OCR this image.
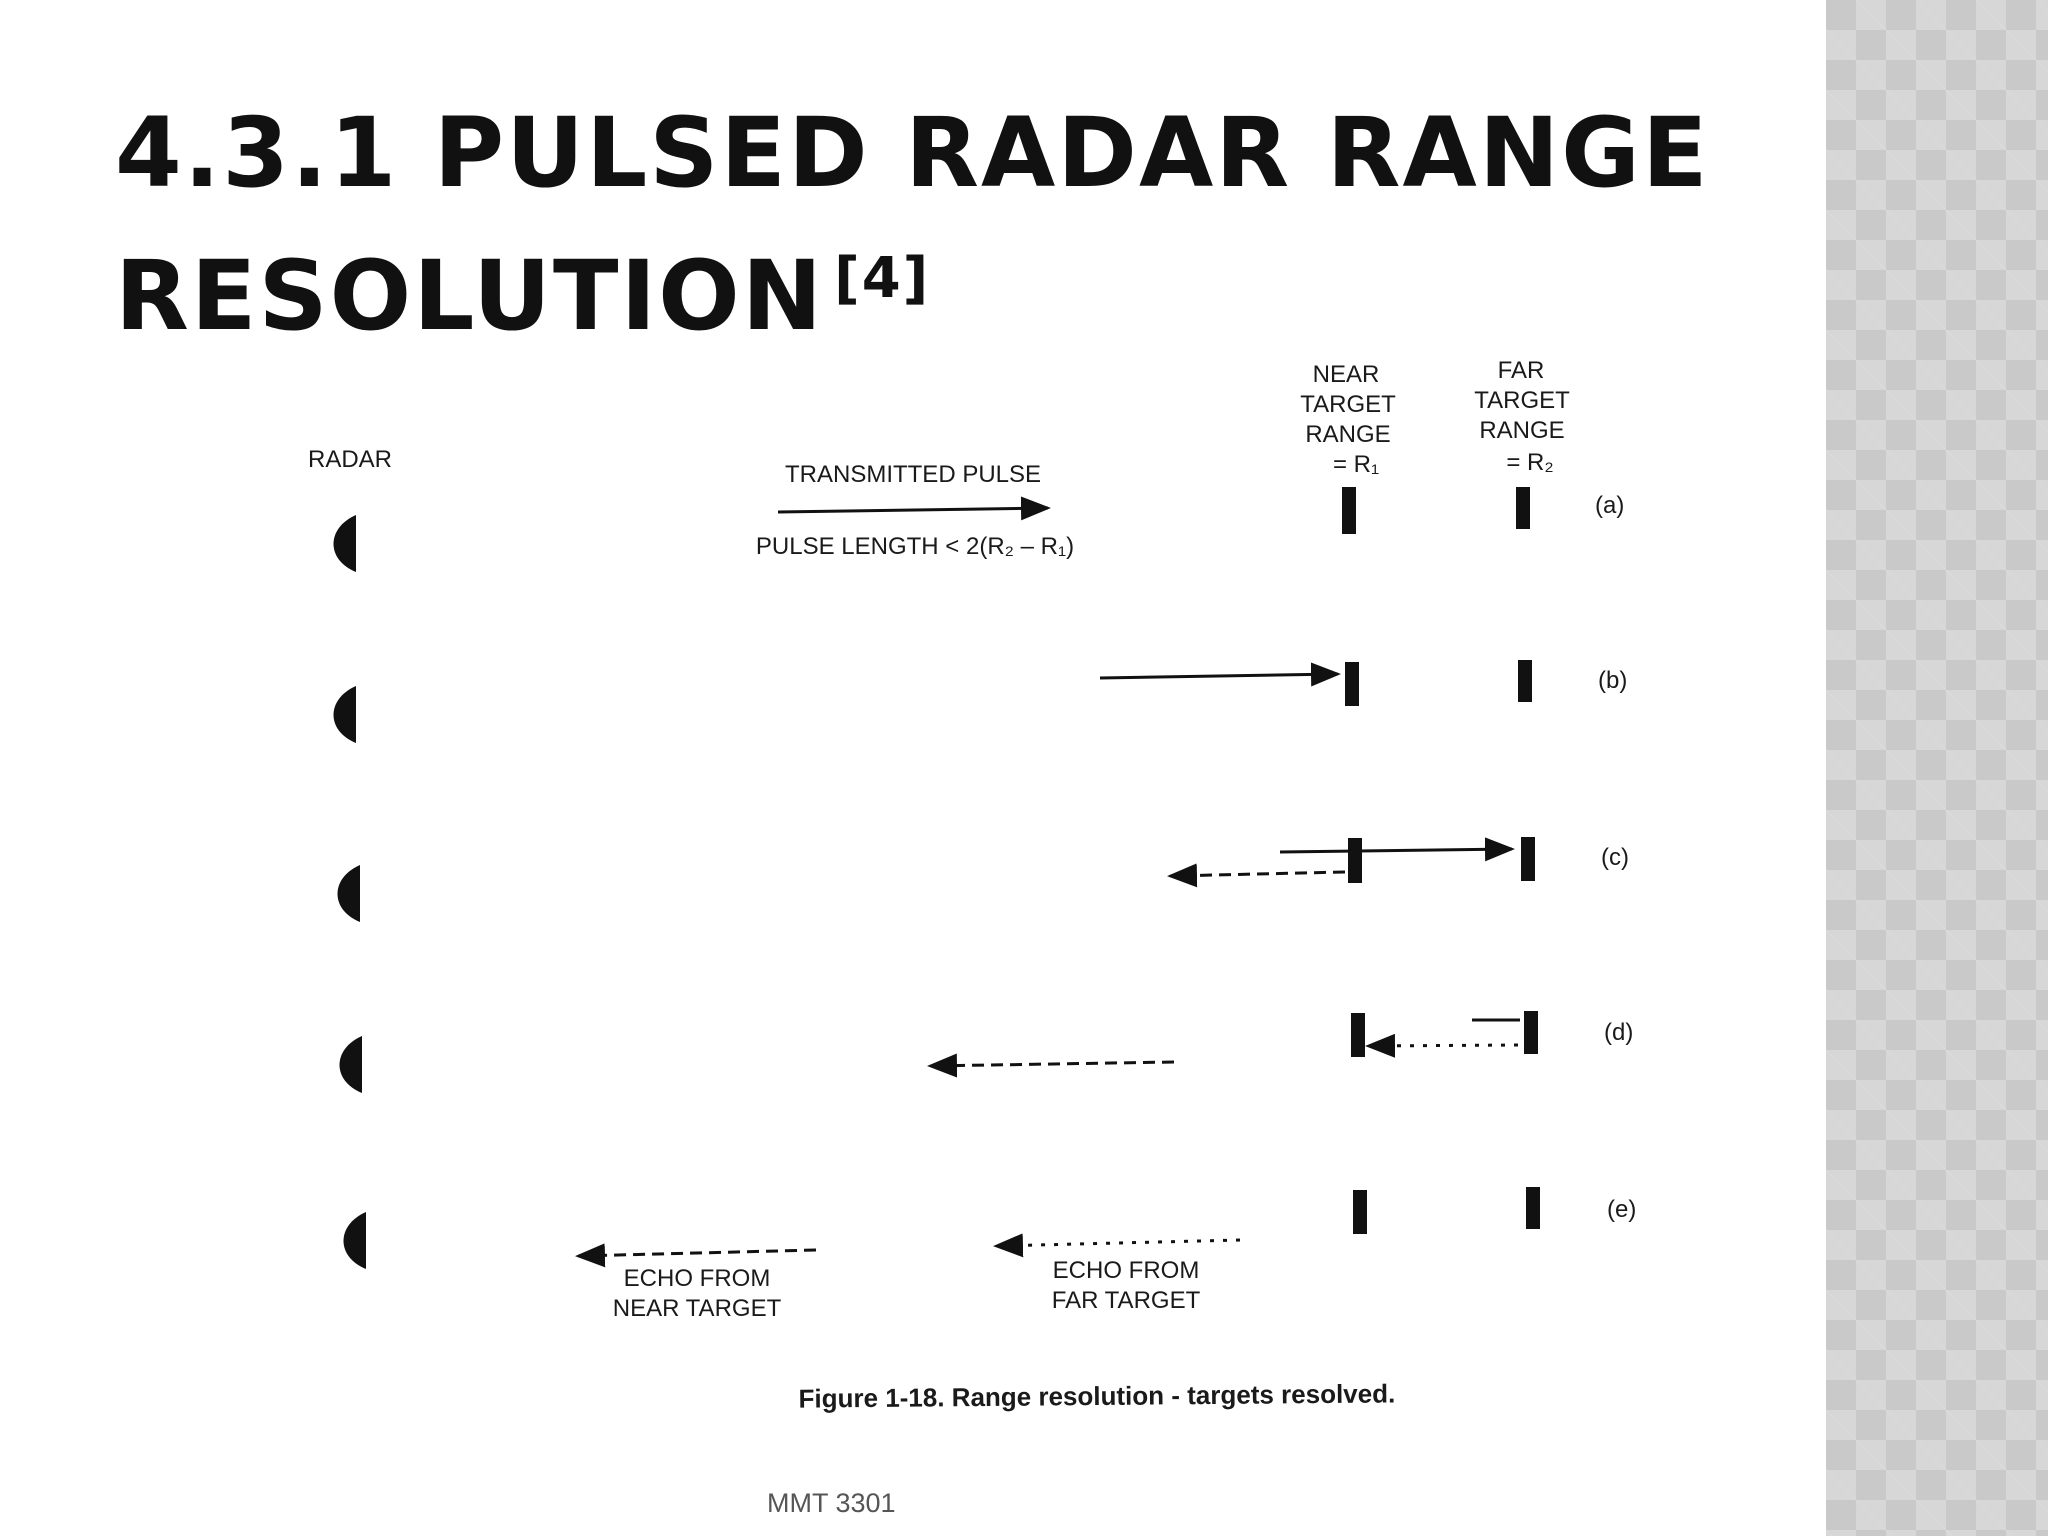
4.3.1 PULSED RADAR RANGE RESOLUTION [4]
RADAR
NEAR
TARGET
RANGE
= R₁
FAR
TARGET
RANGE
= R₂
TRANSMITTED PULSE
PULSE LENGTH < 2(R₂ – R₁)
(a)
(b)
(c)
(d)
(e)
ECHO FROM
NEAR TARGET
ECHO FROM
FAR TARGET
Figure 1-18. Range resolution - targets resolved.
MMT 3301
